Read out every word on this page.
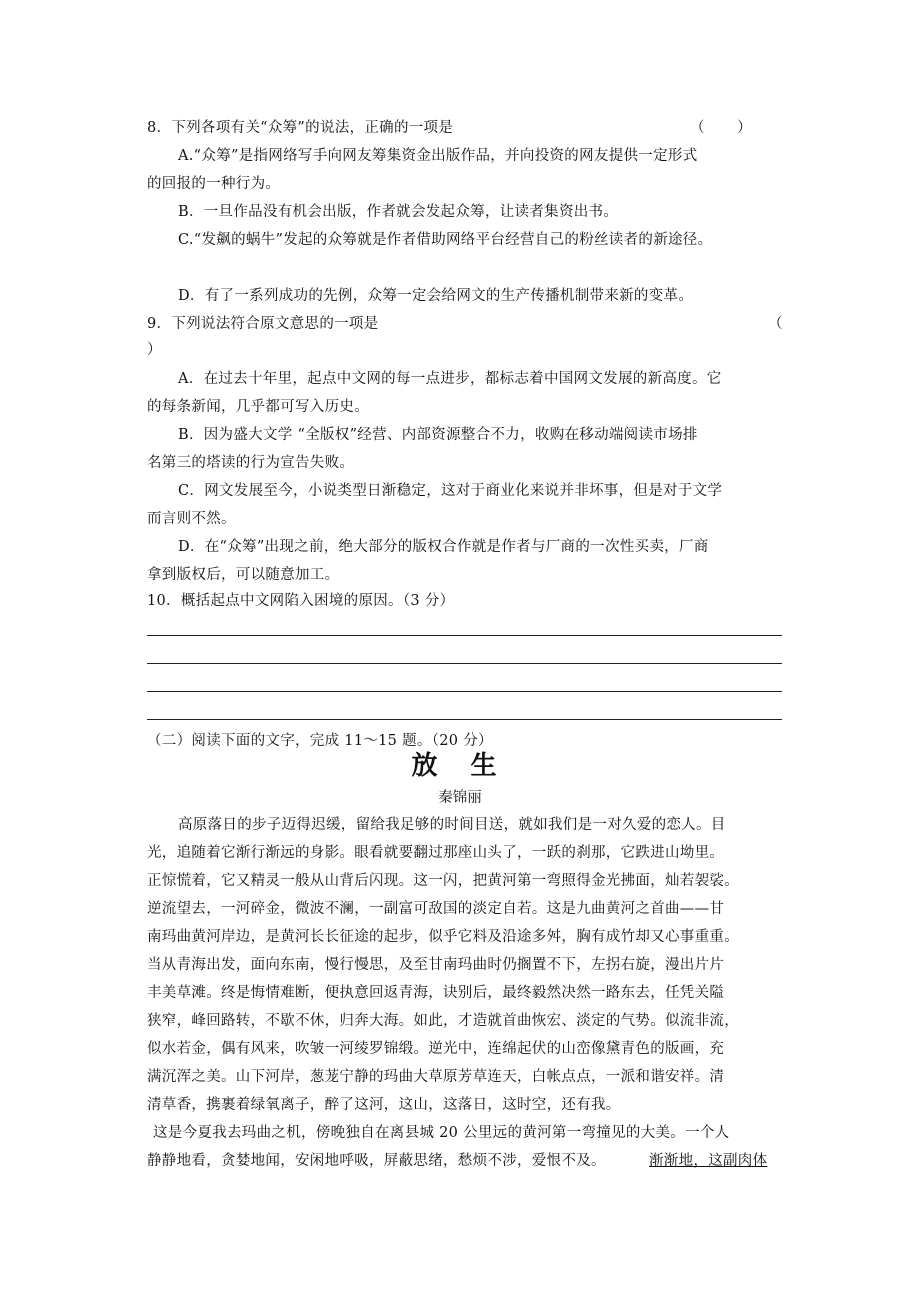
8．下列各项有关“众筹”的说法，正确的一项是	（ ）
A.“众筹”是指网络写手向网友筹集资金出版作品，并向投资的网友提供一定形式
的回报的一种行为。
B．一旦作品没有机会出版，作者就会发起众筹，让读者集资出书。
C.“发飙的蜗牛”发起的众筹就是作者借助网络平台经营自己的粉丝读者的新途径。
D．有了一系列成功的先例，众筹一定会给网文的生产传播机制带来新的变革。
9．下列说法符合原文意思的一项是	（
）
A．在过去十年里，起点中文网的每一点进步，都标志着中国网文发展的新高度。它
的每条新闻，几乎都可写入历史。
B．因为盛大文学 “全版权”经营、内部资源整合不力，收购在移动端阅读市场排
名第三的塔读的行为宣告失败。
C．网文发展至今，小说类型日渐稳定，这对于商业化来说并非坏事，但是对于文学
而言则不然。
D．在“众筹”出现之前，绝大部分的版权合作就是作者与厂商的一次性买卖，厂商
拿到版权后，可以随意加工。
10．概括起点中文网陷入困境的原因。（3 分）
（二）阅读下面的文字，完成 11～15 题。（20 分）
放 生
秦锦丽
高原落日的步子迈得迟缓，留给我足够的时间目送，就如我们是一对久爱的恋人。目
光，追随着它渐行渐远的身影。眼看就要翻过那座山头了，一跃的刹那，它跌进山坳里。
正惊慌着，它又精灵一般从山背后闪现。这一闪，把黄河第一弯照得金光拂面，灿若袈裟。
逆流望去，一河碎金，微波不澜，一副富可敌国的淡定自若。这是九曲黄河之首曲——甘
南玛曲黄河岸边，是黄河长长征途的起步，似乎它料及沿途多舛，胸有成竹却又心事重重。
当从青海出发，面向东南，慢行慢思，及至甘南玛曲时仍搁置不下，左拐右旋，漫出片片
丰美草滩。终是悔情难断，便执意回返青海，诀别后，最终毅然决然一路东去，任凭关隘
狭窄，峰回路转，不歇不休，归奔大海。如此，才造就首曲恢宏、淡定的气势。似流非流，
似水若金，偶有风来，吹皱一河绫罗锦缎。逆光中，连绵起伏的山峦像黛青色的版画，充
满沉浑之美。山下河岸，葱茏宁静的玛曲大草原芳草连天，白帐点点，一派和谐安祥。清
清草香，携裹着绿氧离子，醉了这河，这山，这落日，这时空，还有我。
这是今夏我去玛曲之机，傍晚独自在离县城 20 公里远的黄河第一弯撞见的大美。一个人
静静地看，贪婪地闻，安闲地呼吸，屏蔽思绪，愁烦不涉，爱恨不及。	渐渐地，这副肉体
